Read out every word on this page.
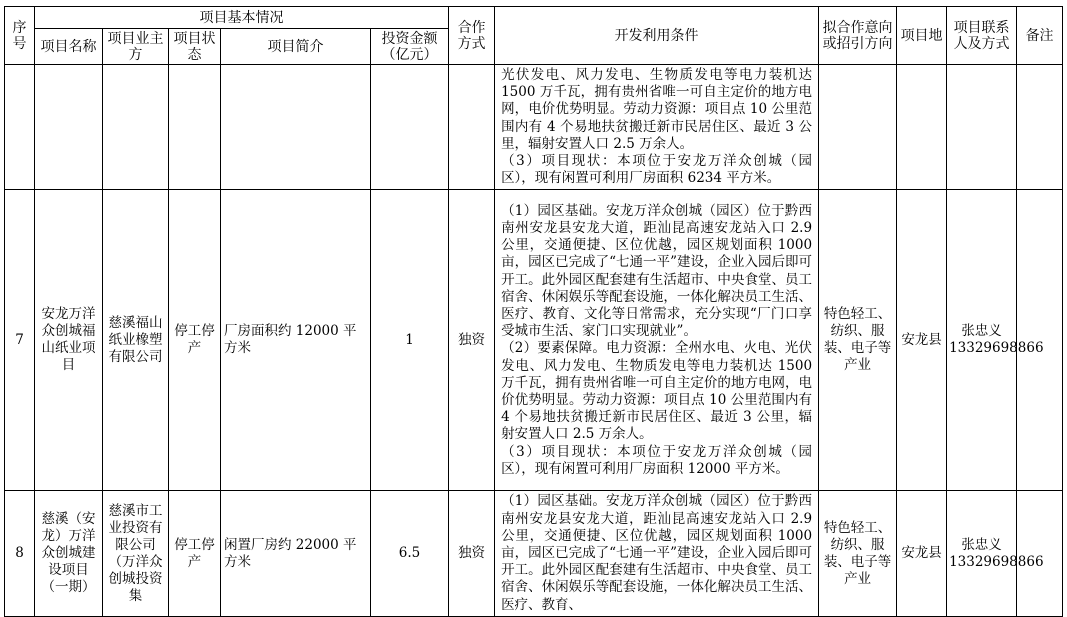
序号	项目基本情况					合作方式	开发利用条件	拟合作意向或招引方向	项目地	项目联系人及方式	备注
	项目名称	项目业主方	项目状态	项目简介	投资金额（亿元）						

							光伏发电、风力发电、生物质发电等电力装机达 1500 万千瓦，拥有贵州省唯一可自主定价的地方电网，电价优势明显。劳动力资源：项目点 10 公里范围内有 4 个易地扶贫搬迁新市民居住区、最近 3 公里，辐射安置人口 2.5 万余人。

（3）项目现状：本项位于安龙万洋众创城（园区），现有闲置可利用厂房面积 6234 平方米。				

7	安龙万洋众创城福山纸业项目	慈溪福山纸业橡塑有限公司	停工停产	厂房面积约 12000 平方米	1	独资	（1）园区基础。安龙万洋众创城（园区）位于黔西南州安龙县安龙大道，距汕昆高速安龙站入口 2.9 公里，交通便捷、区位优越，园区规划面积 1000 亩，园区已完成了“七通一平”建设，企业入园后即可开工。此外园区配套建有生活超市、中央食堂、员工宿舍、休闲娱乐等配套设施，一体化解决员工生活、医疗、教育、文化等日常需求，充分实现“厂门口享受城市生活、家门口实现就业”。

（2）要素保障。电力资源：全州水电、火电、光伏发电、风力发电、生物质发电等电力装机达 1500 万千瓦，拥有贵州省唯一可自主定价的地方电网，电价优势明显。劳动力资源：项目点 10 公里范围内有 4 个易地扶贫搬迁新市民居住区、最近 3 公里，辐射安置人口 2.5 万余人。

（3）项目现状：本项位于安龙万洋众创城（园区），现有闲置可利用厂房面积 12000 平方米。	特色轻工、纺织、服装、电子等产业	安龙县	张忠义 13329698866	
8	慈溪（安龙）万洋众创城建设项目（一期）	慈溪市工业投资有限公司（万洋众创城投资集	停工停产	闲置厂房约 22000 平方米	6.5	独资	（1）园区基础。安龙万洋众创城（园区）位于黔西南州安龙县安龙大道，距汕昆高速安龙站入口 2.9 公里，交通便捷、区位优越，园区规划面积 1000 亩，园区已完成了“七通一平”建设，企业入园后即可开工。此外园区配套建有生活超市、中央食堂、员工宿舍、休闲娱乐等配套设施，一体化解决员工生活、医疗、教育、	特色轻工、纺织、服装、电子等产业	安龙县	张忠义 13329698866	
